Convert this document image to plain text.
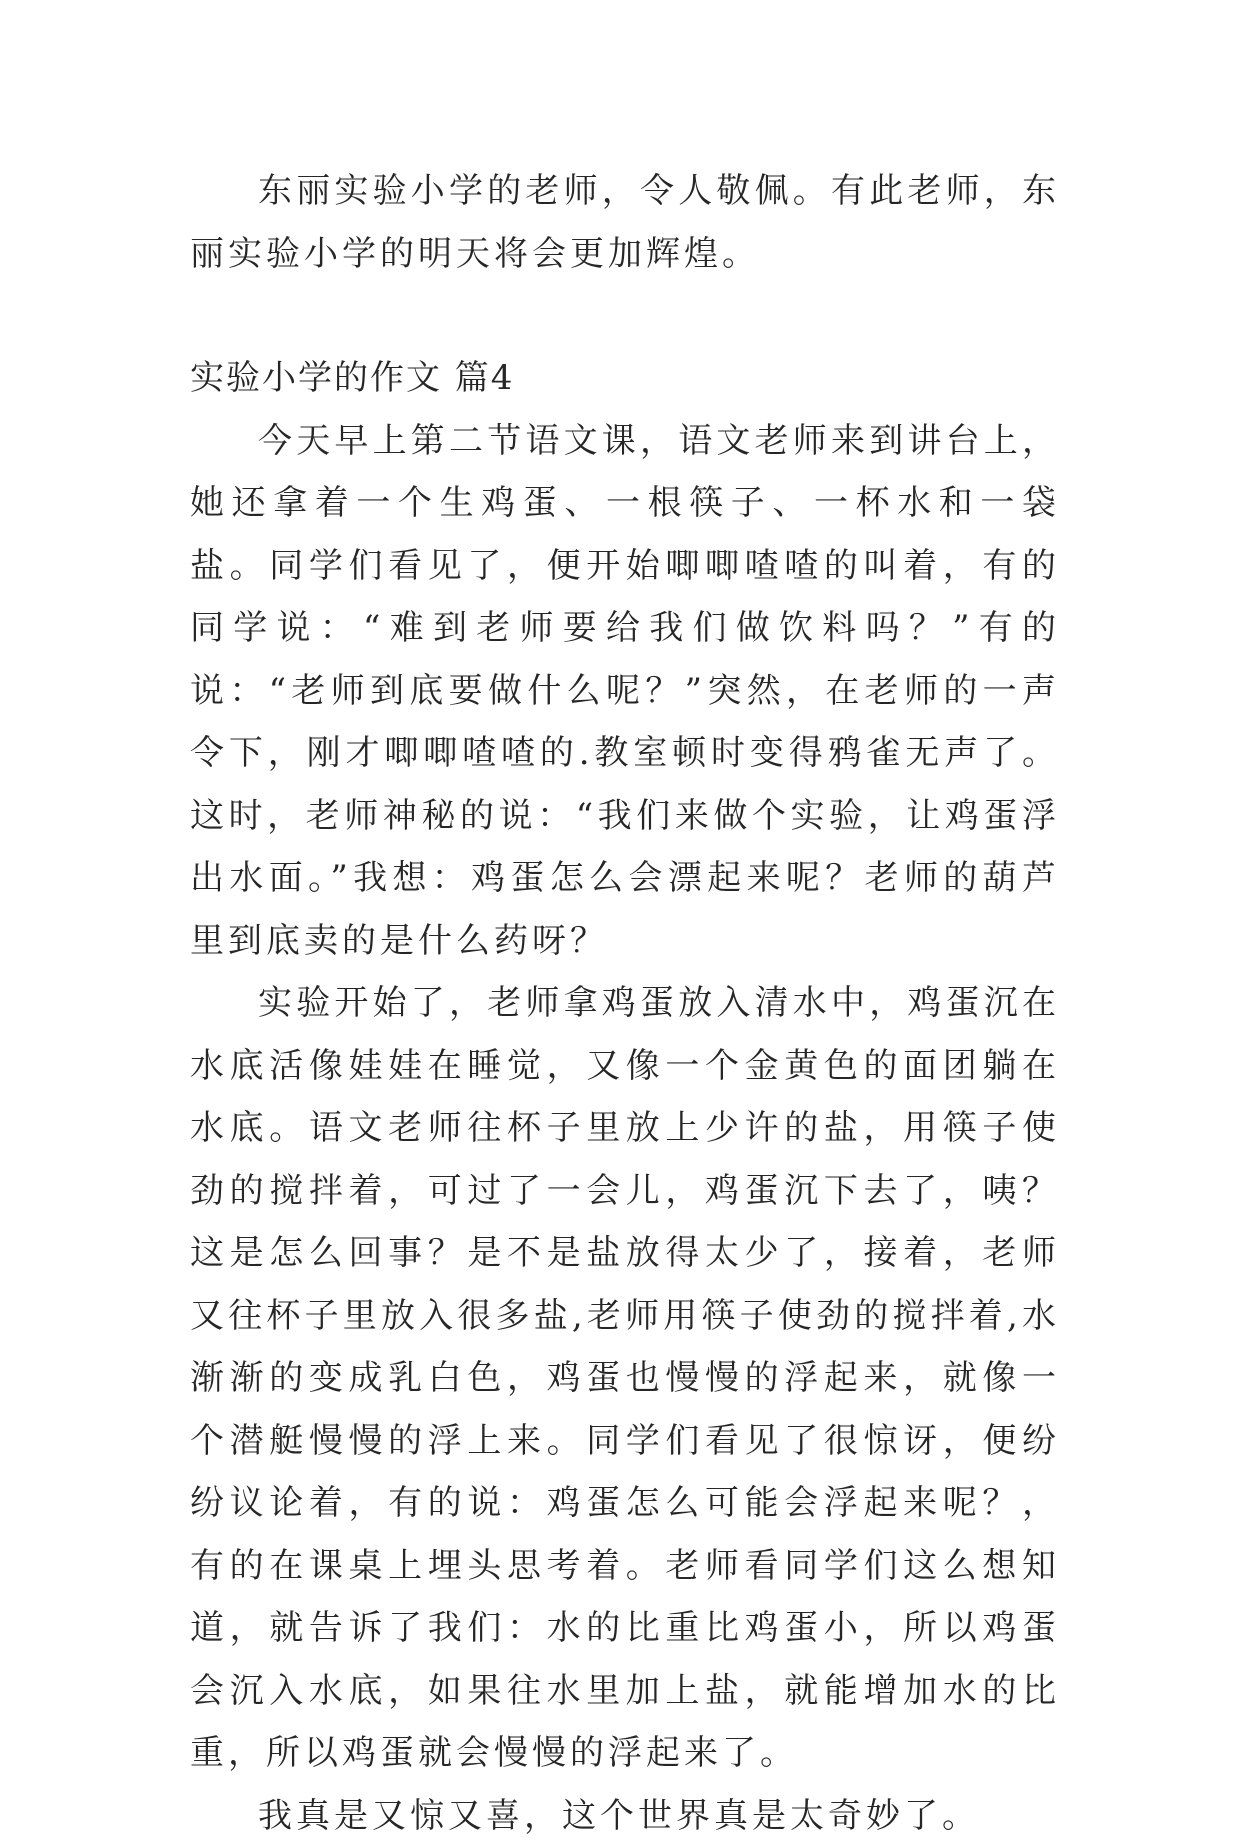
东丽实验小学的老师，令人敬佩。有此老师，东丽实验小学的明天将会更加辉煌。

实验小学的作文 篇4

今天早上第二节语文课，语文老师来到讲台上，她还拿着一个生鸡蛋、一根筷子、一杯水和一袋盐。同学们看见了，便开始唧唧喳喳的叫着，有的同学说：“难到老师要给我们做饮料吗？”有的说：“老师到底要做什么呢？”突然，在老师的一声令下，刚才唧唧喳喳的.教室顿时变得鸦雀无声了。这时，老师神秘的说：“我们来做个实验，让鸡蛋浮出水面。”我想：鸡蛋怎么会漂起来呢？老师的葫芦里到底卖的是什么药呀？

实验开始了，老师拿鸡蛋放入清水中，鸡蛋沉在水底活像娃娃在睡觉，又像一个金黄色的面团躺在水底。语文老师往杯子里放上少许的盐，用筷子使劲的搅拌着，可过了一会儿，鸡蛋沉下去了，咦？这是怎么回事？是不是盐放得太少了，接着，老师又往杯子里放入很多盐,老师用筷子使劲的搅拌着,水渐渐的变成乳白色，鸡蛋也慢慢的浮起来，就像一个潜艇慢慢的浮上来。同学们看见了很惊讶，便纷纷议论着，有的说：鸡蛋怎么可能会浮起来呢？，有的在课桌上埋头思考着。老师看同学们这么想知道，就告诉了我们：水的比重比鸡蛋小，所以鸡蛋会沉入水底，如果往水里加上盐，就能增加水的比重，所以鸡蛋就会慢慢的浮起来了。

我真是又惊又喜，这个世界真是太奇妙了。
